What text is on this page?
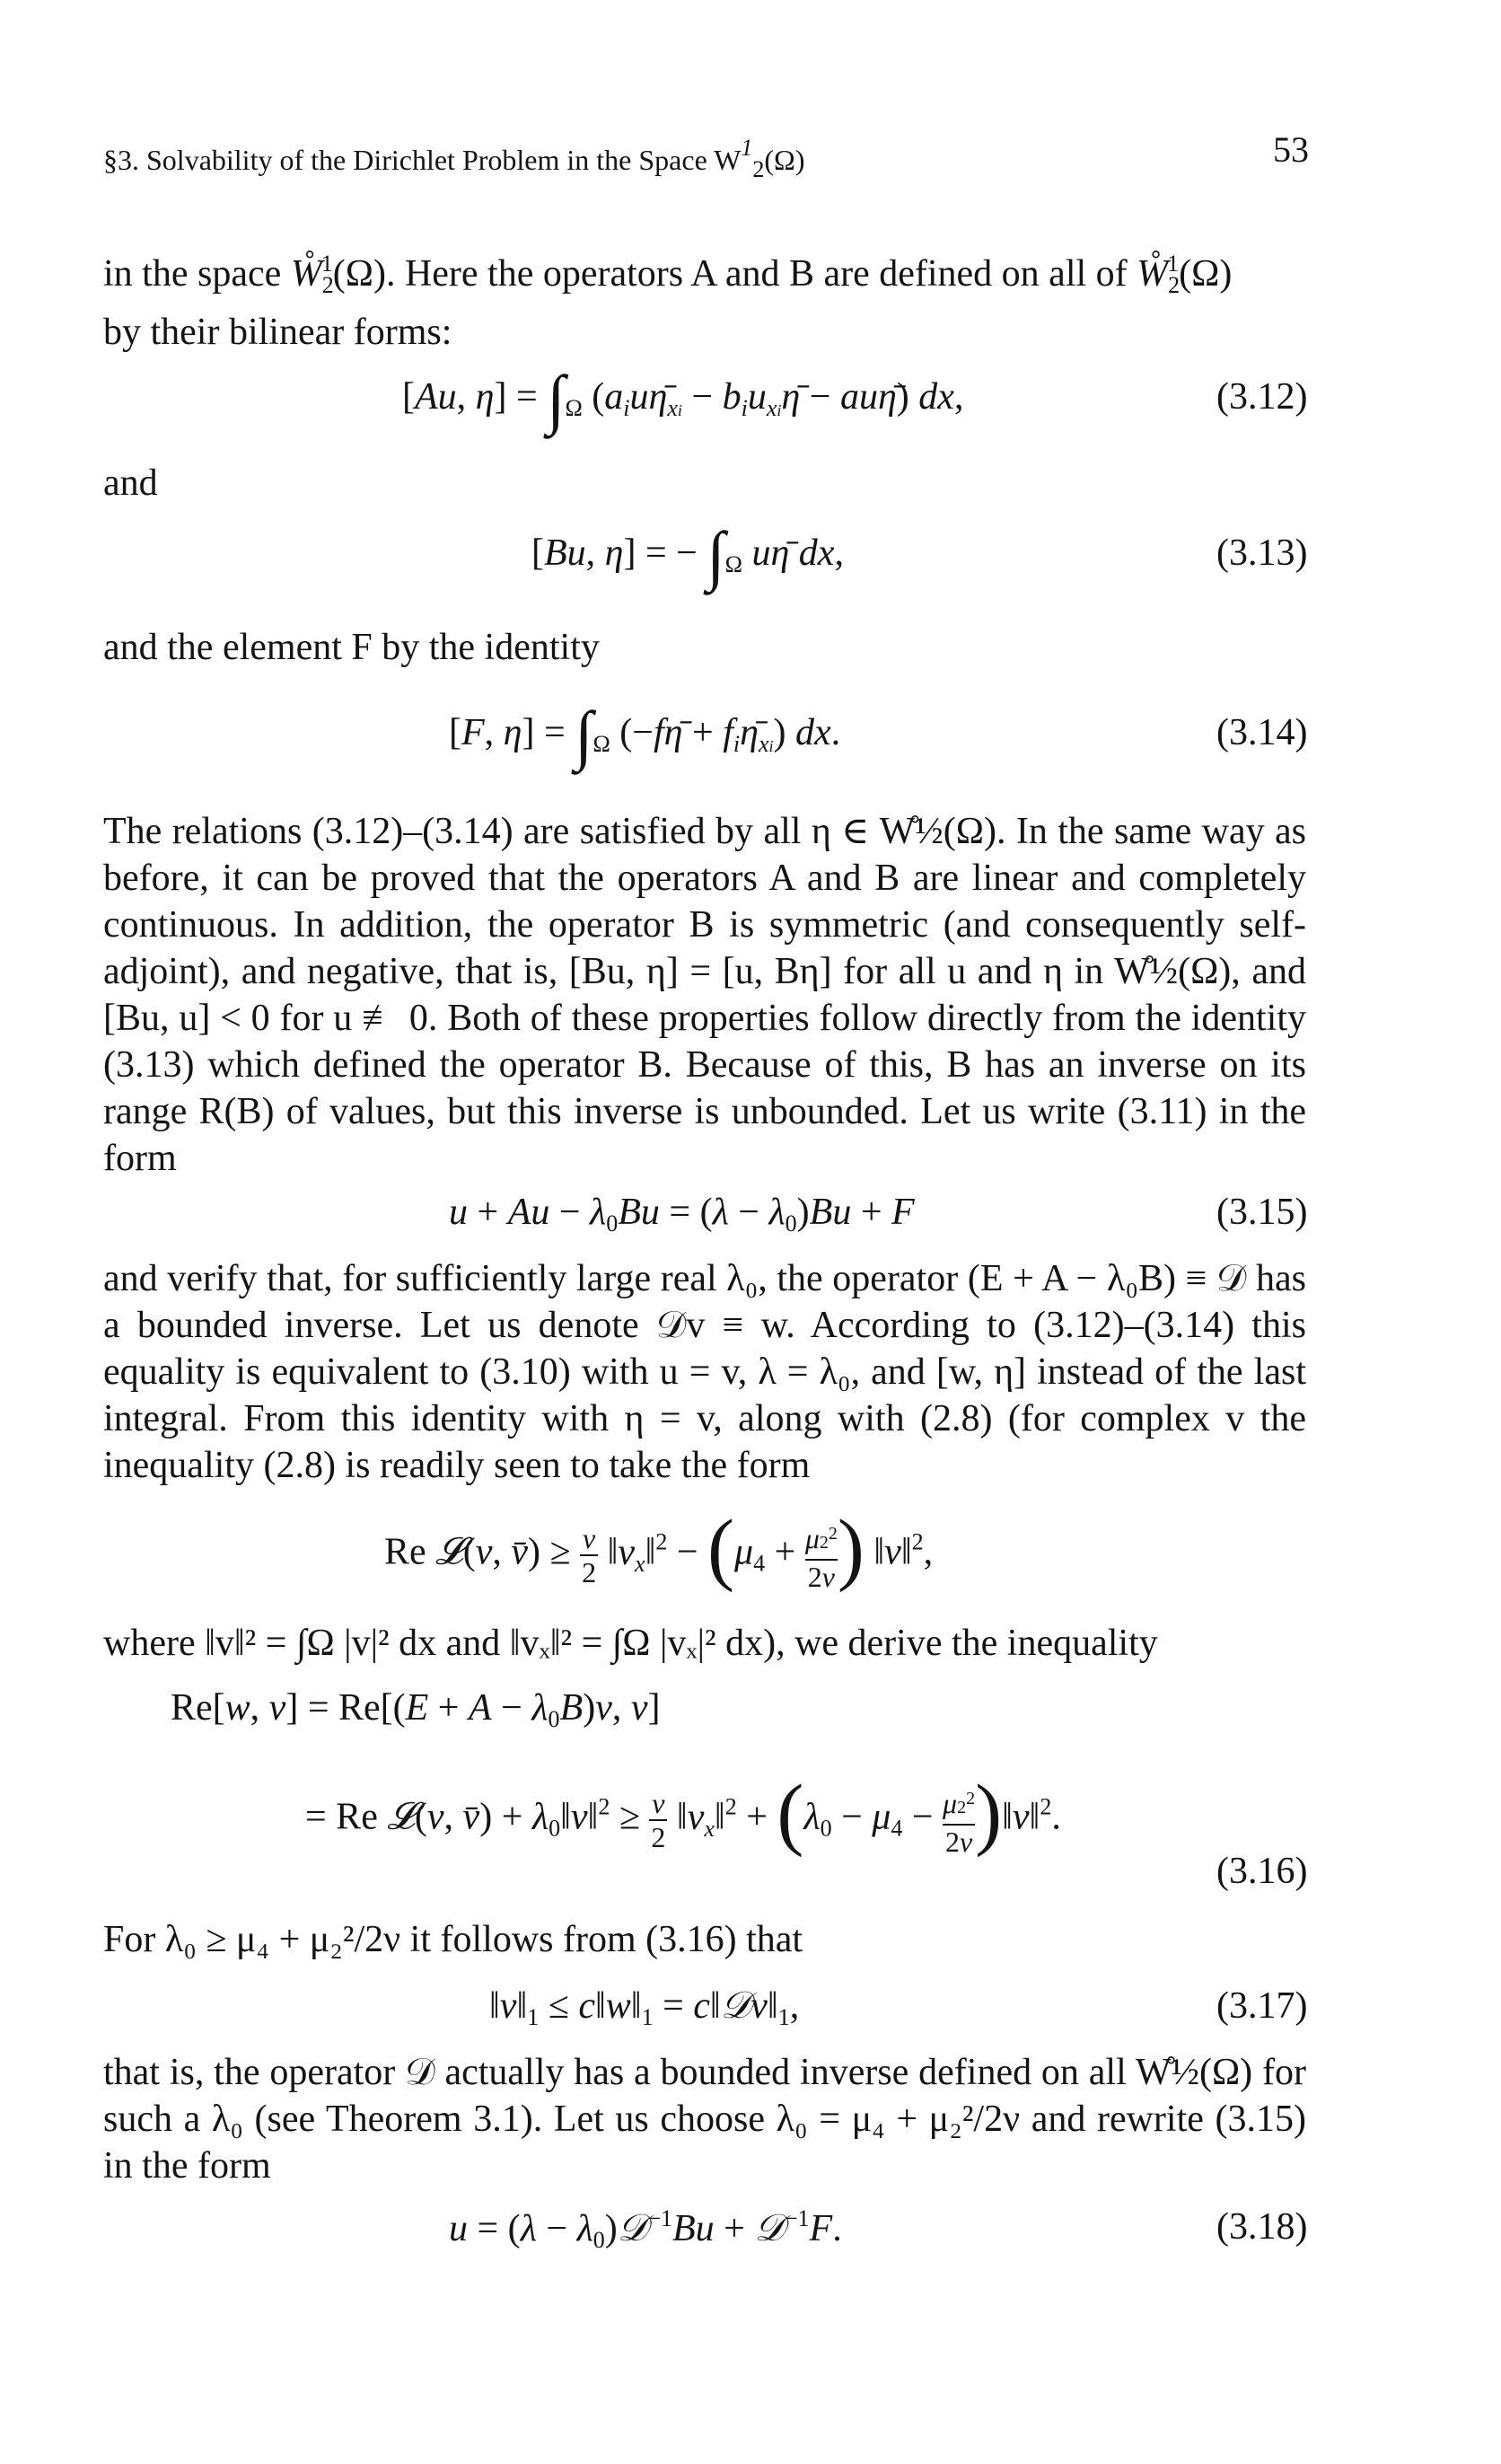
§3. Solvability of the Dirichlet Problem in the Space $W^1_2(\Omega)$	53

in the space $W̊_2^1(\Omega)$. Here the operators A and B are defined on all of $W̊_2^1(\Omega)$
by their bilinear forms:

[Au, $\eta] = \int_\Omega$ ($a_iu\etā_{xi}$ − $b_iu_{xi}\etā$ − auη̄) dx,	(3.12)
and
[Bu, η] = − $\int_\Omega$ uη̄ dx,	(3.13)
and the element F by the identity
[F, $\eta] = \int_\Omega$ (−fη̄ + $f_i\etā_{xi}$) dx.	(3.14)

The relations (3.12)–(3.14) are satisfied by all η ∈ W̊½(Ω). In the same way as before, it can be proved that the operators A and B are linear and completely continuous. In addition, the operator B is symmetric (and consequently self-adjoint), and negative, that is, [Bu, η] = [u, Bη] for all u and η in W̊½(Ω), and [Bu, u] < 0 for u ≢ 0. Both of these properties follow directly from the identity (3.13) which defined the operator B. Because of this, B has an inverse on its range R(B) of values, but this inverse is unbounded. Let us write (3.11) in the form

$u + Au - \lambda_0Bu = (\lambda - \lambda_0)Bu + F$	(3.15)

and verify that, for sufficiently large real λ₀, the operator (E + A − λ₀B) ≡ 𝒟 has a bounded inverse. Let us denote 𝒟v ≡ w. According to (3.12)–(3.14) this equality is equivalent to (3.10) with u = v, λ = λ₀, and [w, η] instead of the last integral. From this identity with η = v, along with (2.8) (for complex v the inequality (2.8) is readily seen to take the form

Re 𝓛(v, v̄) ≥ $\frac{\nu}{2}$ $‖v_x‖^2 - (\mu_4 + \frac{\mu 2^2}{2\nu}$ ) ‖v‖$^2$,

where ‖v‖² = ∫Ω |v|² dx and ‖vₓ‖² = ∫Ω |vₓ|² dx), we derive the inequality

Re[w, $v] = Re[(E + A - \lambda_0B)v$, v]
= Re 𝓛(v, v̄) + $\lambda_0‖v‖^2 \ge \frac{\nu}{2}$ $‖v_x‖^2 + (\lambda_0 - \mu_4 - \frac{\mu 2^2}{2\nu}$ )‖v‖$^2$.
(3.16)

For λ₀ ≥ μ₄ + μ₂²/2ν it follows from (3.16) that

$‖v‖_1$ ≤ $c‖w‖_1$ = $c‖𝒟v‖_1$,	(3.17)

that is, the operator 𝒟 actually has a bounded inverse defined on all W̊½(Ω) for such a λ₀ (see Theorem 3.1). Let us choose λ₀ = μ₄ + μ₂²/2ν and rewrite (3.15) in the form

$u = (\lambda - \lambda_0)𝒟^{-1}Bu$ + 𝒟$^{-1}$F.	(3.18)
